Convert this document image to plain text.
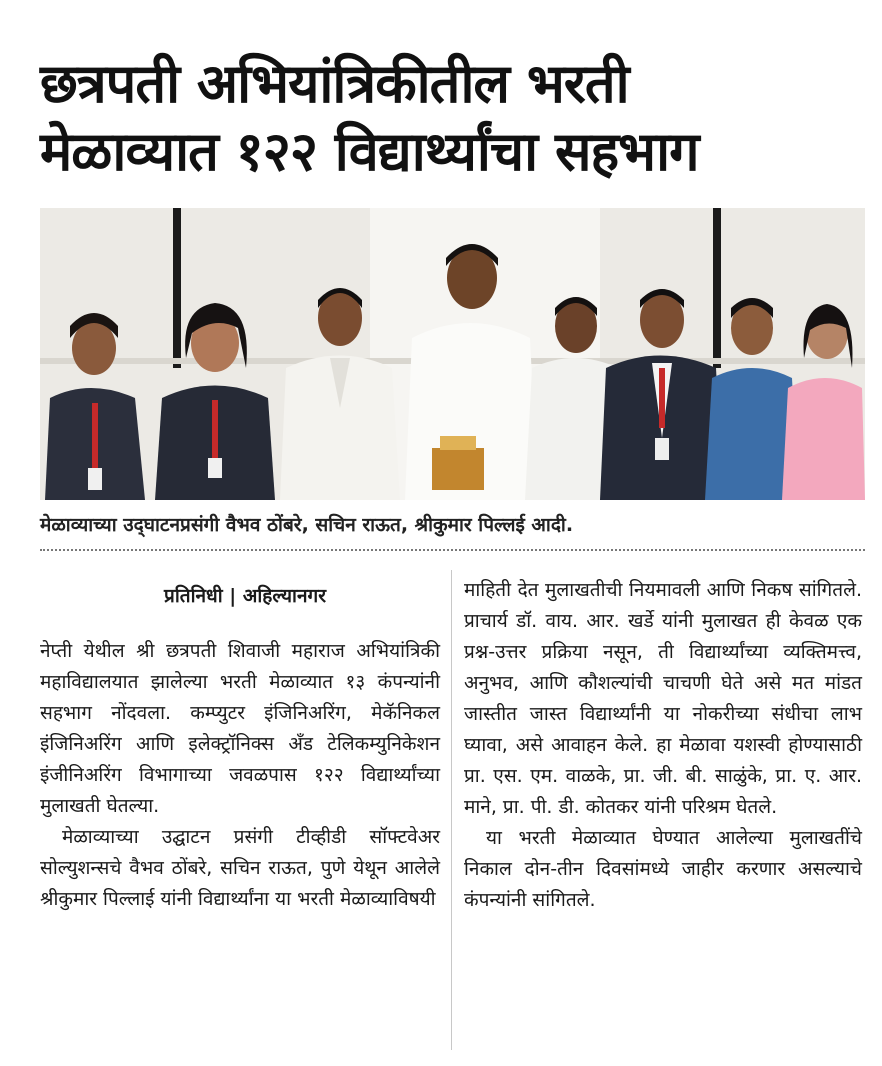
छत्रपती अभियांत्रिकीतील भरती
मेळाव्यात १२२ विद्यार्थ्यांचा सहभाग
मेळाव्याच्या उद्‌घाटनप्रसंगी वैभव ठोंबरे, सचिन राऊत, श्रीकुमार पिल्लई आदी.
प्रतिनिधी | अहिल्यानगर

नेप्ती येथील श्री छत्रपती शिवाजी महाराज अभियांत्रिकी महाविद्यालयात झालेल्या भरती मेळाव्यात १३ कंपन्यांनी सहभाग नोंदवला. कम्प्युटर इंजिनिअरिंग, मेकॅनिकल इंजिनिअरिंग आणि इलेक्ट्रॉनिक्स अँड टेलिकम्युनिकेशन इंजीनिअरिंग विभागाच्या जवळपास १२२ विद्यार्थ्यांच्या मुलाखती घेतल्या.

मेळाव्याच्या उद्घाटन प्रसंगी टीव्हीडी सॉफ्टवेअर सोल्युशन्सचे वैभव ठोंबरे, सचिन राऊत, पुणे येथून आलेले श्रीकुमार पिल्लाई यांनी विद्यार्थ्यांना या भरती मेळाव्याविषयी

माहिती देत मुलाखतीची नियमावली आणि निकष सांगितले. प्राचार्य डॉ. वाय. आर. खर्डे यांनी मुलाखत ही केवळ एक प्रश्न-उत्तर प्रक्रिया नसून, ती विद्यार्थ्यांच्या व्यक्तिमत्त्व, अनुभव, आणि कौशल्यांची चाचणी घेते असे मत मांडत जास्तीत जास्त विद्यार्थ्यांनी या नोकरीच्या संधीचा लाभ घ्यावा, असे आवाहन केले. हा मेळावा यशस्वी होण्यासाठी प्रा. एस. एम. वाळके, प्रा. जी. बी. साळुंके, प्रा. ए. आर. माने, प्रा. पी. डी. कोतकर यांनी परिश्रम घेतले.

या भरती मेळाव्यात घेण्यात आलेल्या मुलाखतींचे निकाल दोन-तीन दिवसांमध्ये जाहीर करणार असल्याचे कंपन्यांनी सांगितले.
